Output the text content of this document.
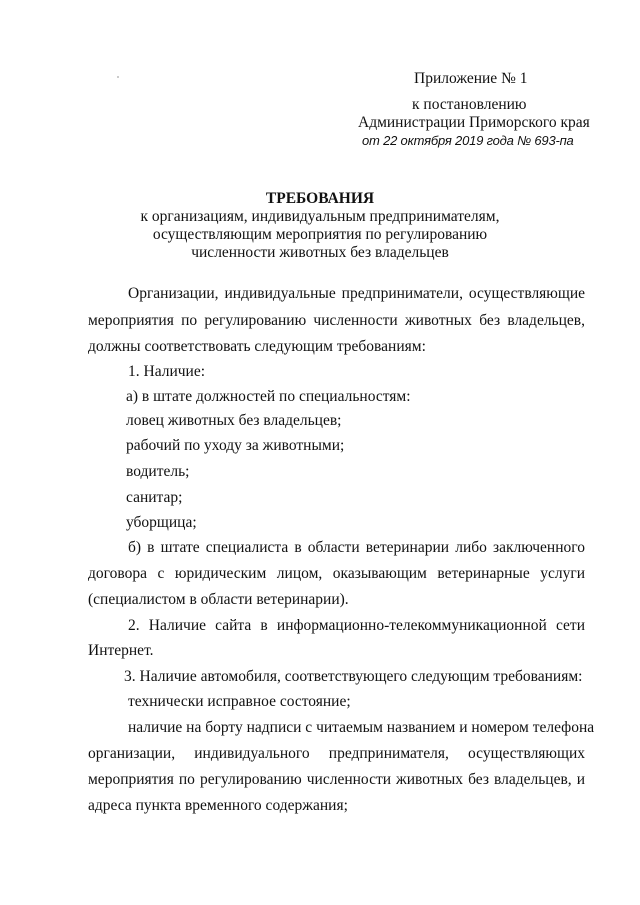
Приложение № 1
к постановлению
Администрации Приморского края
от 22 октября 2019 года № 693-па
ТРЕБОВАНИЯ
к организациям, индивидуальным предпринимателям,
осуществляющим мероприятия по регулированию
численности животных без владельцев
Организации, индивидуальные предприниматели, осуществляющие
мероприятия по регулированию численности животных без владельцев,
должны соответствовать следующим требованиям:
1. Наличие:
а) в штате должностей по специальностям:
ловец животных без владельцев;
рабочий по уходу за животными;
водитель;
санитар;
уборщица;
б) в штате специалиста в области ветеринарии либо заключенного
договора с юридическим лицом, оказывающим ветеринарные услуги
(специалистом в области ветеринарии).
2. Наличие сайта в информационно-телекоммуникационной сети
Интернет.
3. Наличие автомобиля, соответствующего следующим требованиям:
технически исправное состояние;
наличие на борту надписи с читаемым названием и номером телефона
организации, индивидуального предпринимателя, осуществляющих
мероприятия по регулированию численности животных без владельцев, и
адреса пункта временного содержания;
